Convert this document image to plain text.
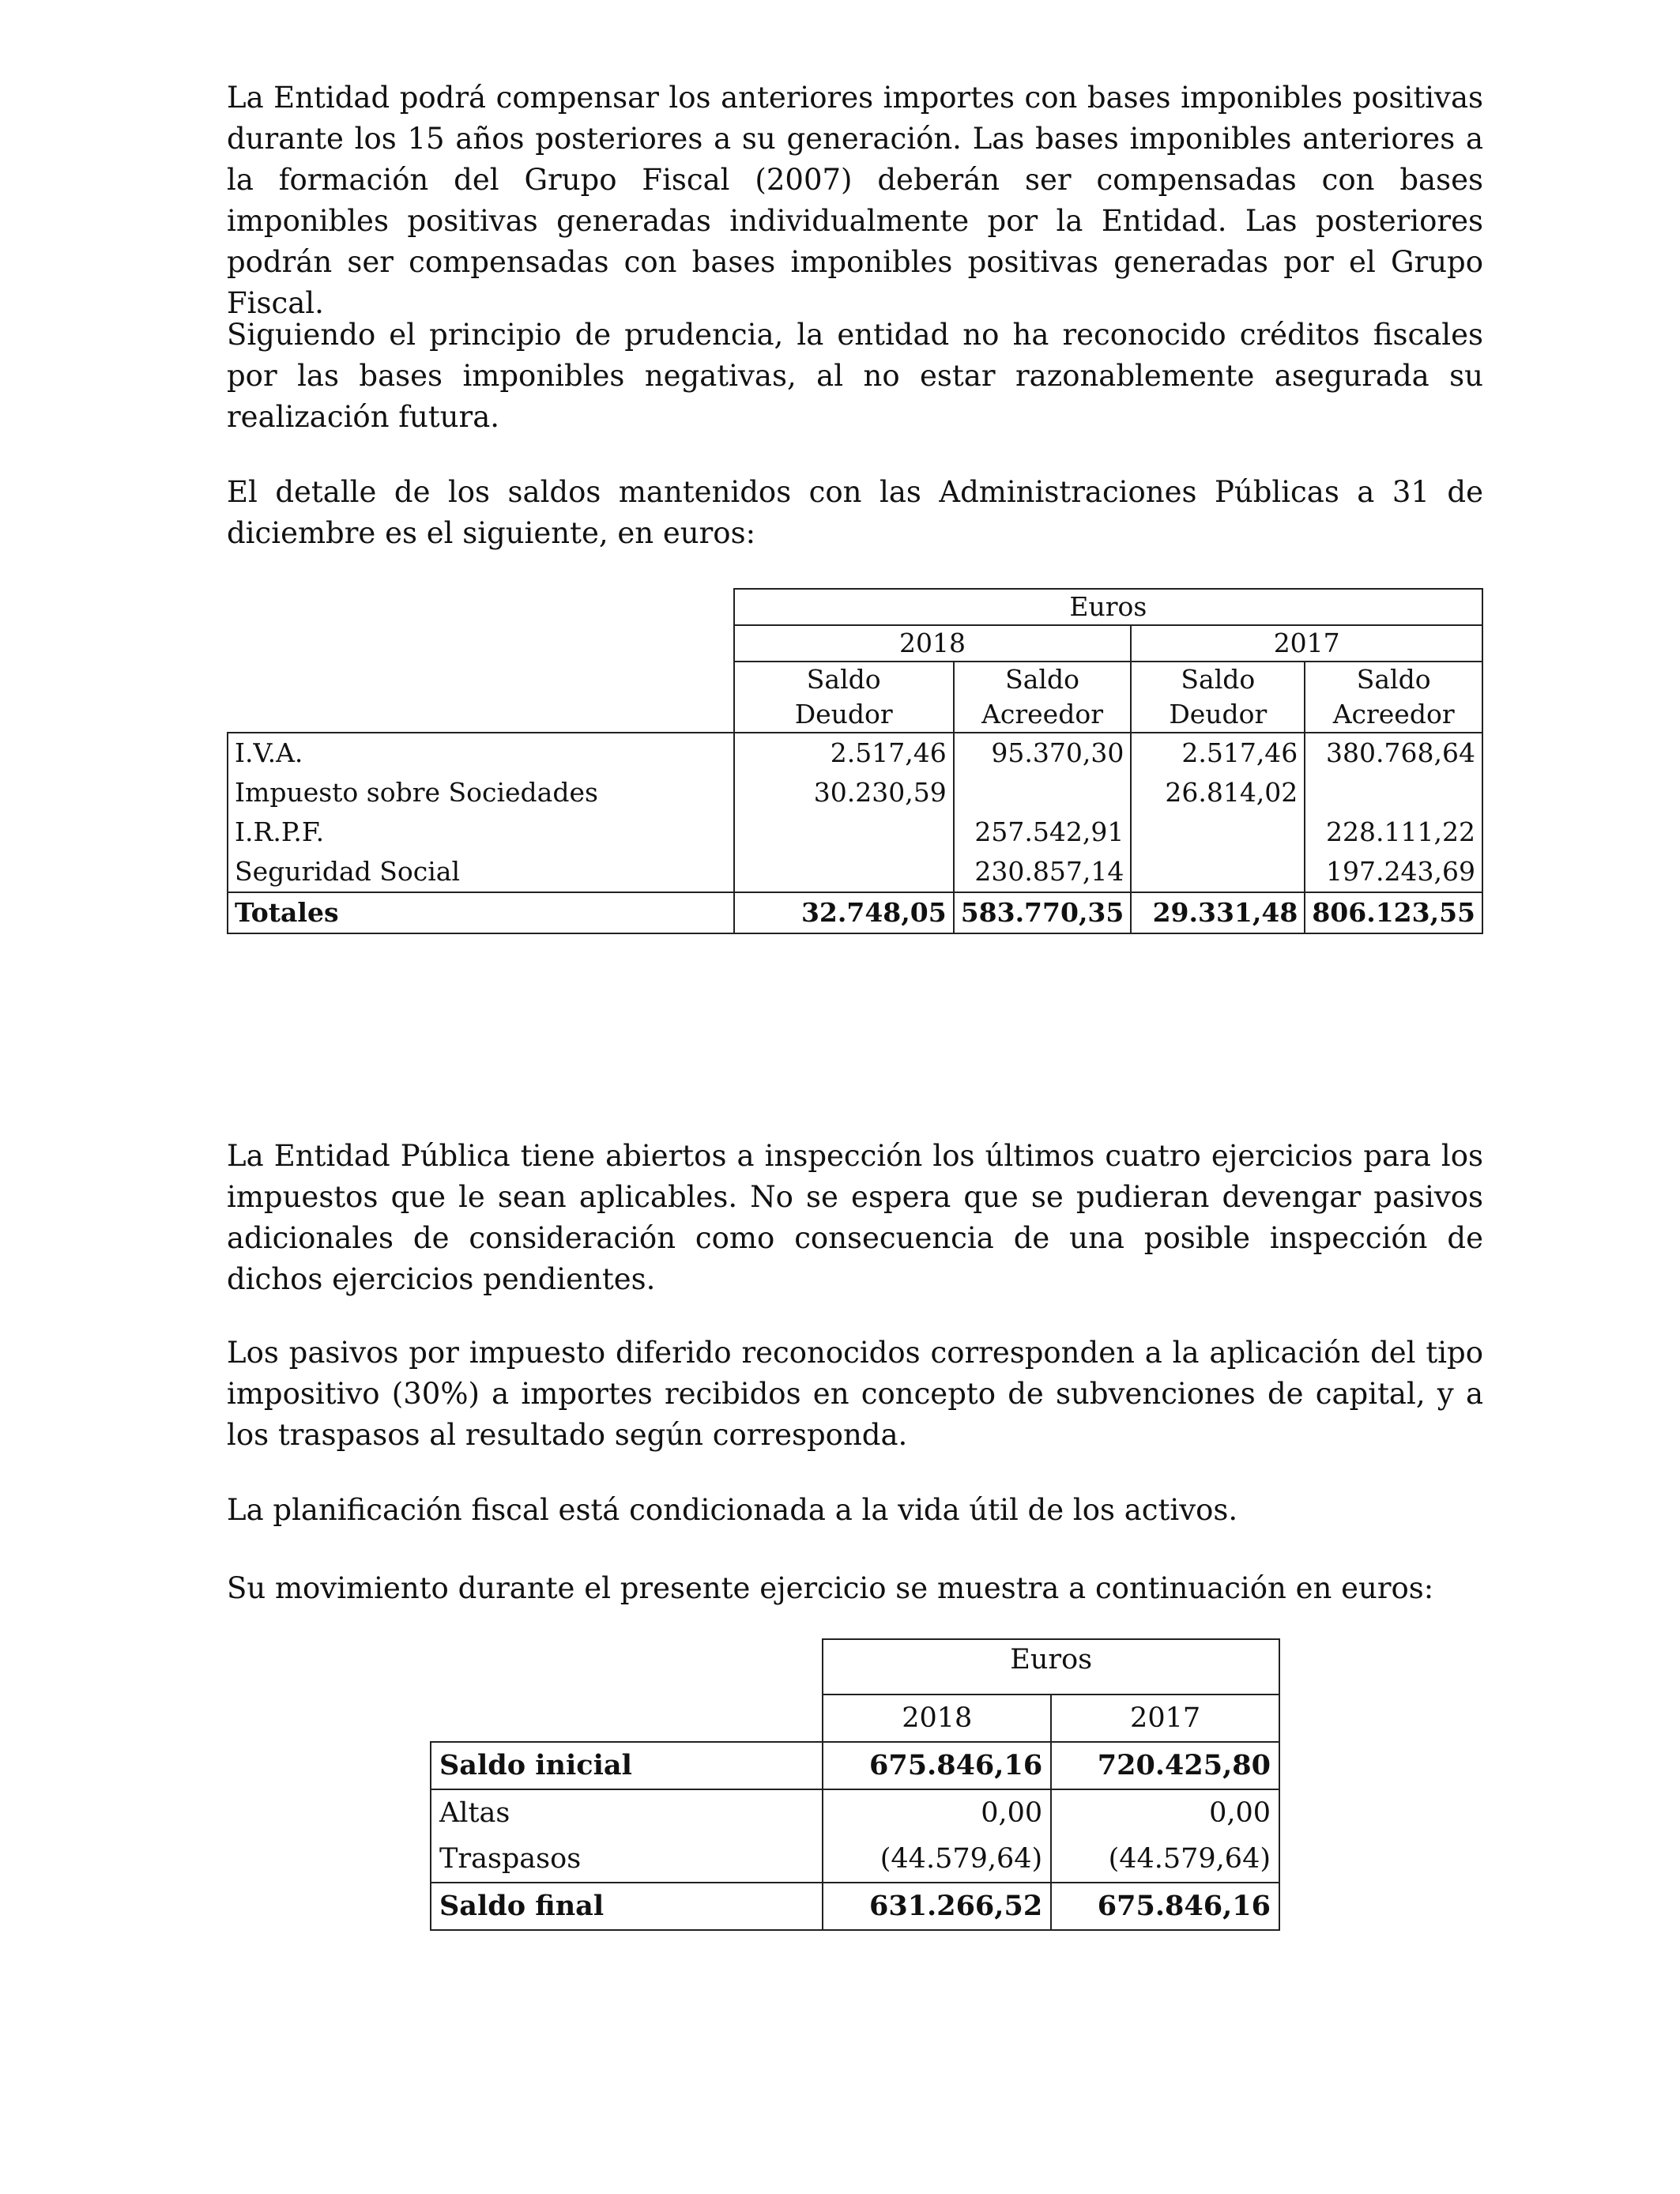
La Entidad podrá compensar los anteriores importes con bases imponibles positivas durante los 15 años posteriores a su generación. Las bases imponibles anteriores a la formación del Grupo Fiscal (2007) deberán ser compensadas con bases imponibles positivas generadas individualmente por la Entidad. Las posteriores podrán ser compensadas con bases imponibles positivas generadas por el Grupo Fiscal.

Siguiendo el principio de prudencia, la entidad no ha reconocido créditos fiscales por las bases imponibles negativas, al no estar razonablemente asegurada su realización futura.

El detalle de los saldos mantenidos con las Administraciones Públicas a 31 de diciembre es el siguiente, en euros:

	Euros			
	2018		2017	
	Saldo	Saldo	Saldo	Saldo
	Deudor	Acreedor	Deudor	Acreedor
I.V.A.	2.517,46	95.370,30	2.517,46	380.768,64
Impuesto sobre Sociedades	30.230,59		26.814,02	
I.R.P.F.		257.542,91		228.111,22
Seguridad Social		230.857,14		197.243,69
Totales	32.748,05	583.770,35	29.331,48	806.123,55

La Entidad Pública tiene abiertos a inspección los últimos cuatro ejercicios para los impuestos que le sean aplicables. No se espera que se pudieran devengar pasivos adicionales de consideración como consecuencia de una posible inspección de dichos ejercicios pendientes.

Los pasivos por impuesto diferido reconocidos corresponden a la aplicación del tipo impositivo (30%) a importes recibidos en concepto de subvenciones de capital, y a los traspasos al resultado según corresponda.

La planificación fiscal está condicionada a la vida útil de los activos.

Su movimiento durante el presente ejercicio se muestra a continuación en euros:

	Euros	
	2018	2017
Saldo inicial	675.846,16	720.425,80
Altas	0,00	0,00
Traspasos	(44.579,64)	(44.579,64)
Saldo final	631.266,52	675.846,16
